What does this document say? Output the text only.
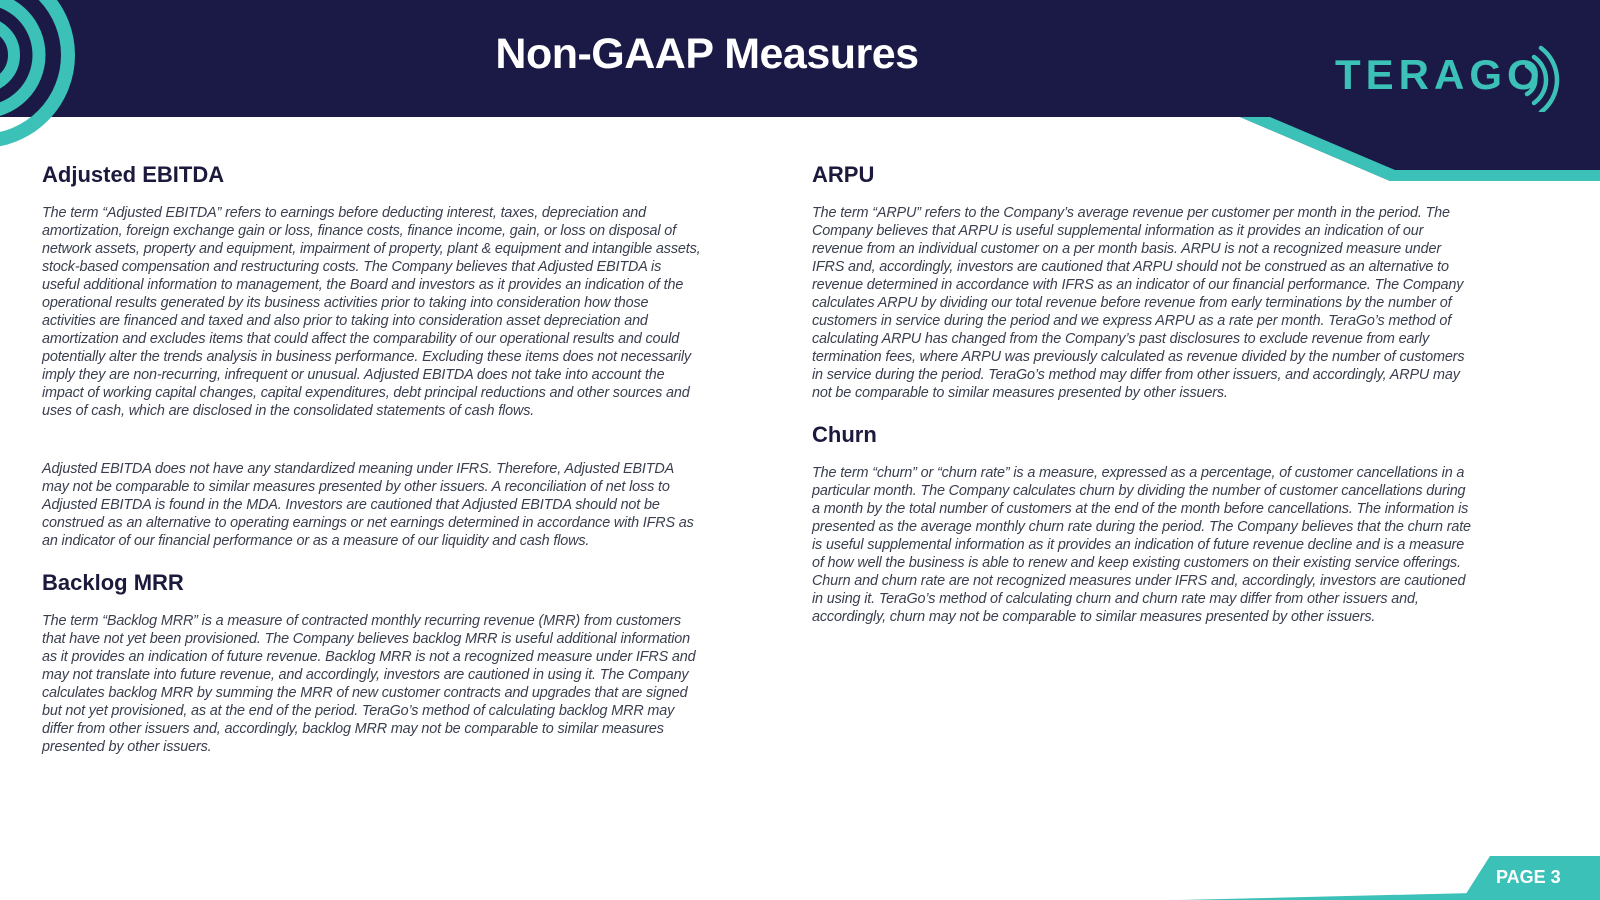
Non-GAAP Measures	TERAGO
Adjusted EBITDA

The term “Adjusted EBITDA” refers to earnings before deducting interest, taxes, depreciation and amortization, foreign exchange gain or loss, finance costs, finance income, gain, or loss on disposal of network assets, property and equipment, impairment of property, plant & equipment and intangible assets, stock-based compensation and restructuring costs. The Company believes that Adjusted EBITDA is useful additional information to management, the Board and investors as it provides an indication of the operational results generated by its business activities prior to taking into consideration how those activities are financed and taxed and also prior to taking into consideration asset depreciation and amortization and excludes items that could affect the comparability of our operational results and could potentially alter the trends analysis in business performance. Excluding these items does not necessarily imply they are non-recurring, infrequent or unusual. Adjusted EBITDA does not take into account the impact of working capital changes, capital expenditures, debt principal reductions and other sources and uses of cash, which are disclosed in the consolidated statements of cash flows.

Adjusted EBITDA does not have any standardized meaning under IFRS. Therefore, Adjusted EBITDA may not be comparable to similar measures presented by other issuers. A reconciliation of net loss to Adjusted EBITDA is found in the MDA. Investors are cautioned that Adjusted EBITDA should not be construed as an alternative to operating earnings or net earnings determined in accordance with IFRS as an indicator of our financial performance or as a measure of our liquidity and cash flows.

Backlog MRR

The term “Backlog MRR” is a measure of contracted monthly recurring revenue (MRR) from customers that have not yet been provisioned. The Company believes backlog MRR is useful additional information as it provides an indication of future revenue. Backlog MRR is not a recognized measure under IFRS and may not translate into future revenue, and accordingly, investors are cautioned in using it. The Company calculates backlog MRR by summing the MRR of new customer contracts and upgrades that are signed but not yet provisioned, as at the end of the period. TeraGo’s method of calculating backlog MRR may differ from other issuers and, accordingly, backlog MRR may not be comparable to similar measures presented by other issuers.

ARPU

The term “ARPU” refers to the Company’s average revenue per customer per month in the period. The Company believes that ARPU is useful supplemental information as it provides an indication of our revenue from an individual customer on a per month basis. ARPU is not a recognized measure under IFRS and, accordingly, investors are cautioned that ARPU should not be construed as an alternative to revenue determined in accordance with IFRS as an indicator of our financial performance. The Company calculates ARPU by dividing our total revenue before revenue from early terminations by the number of customers in service during the period and we express ARPU as a rate per month. TeraGo’s method of calculating ARPU has changed from the Company’s past disclosures to exclude revenue from early termination fees, where ARPU was previously calculated as revenue divided by the number of customers in service during the period. TeraGo’s method may differ from other issuers, and accordingly, ARPU may not be comparable to similar measures presented by other issuers.

Churn

The term “churn” or “churn rate” is a measure, expressed as a percentage, of customer cancellations in a particular month. The Company calculates churn by dividing the number of customer cancellations during a month by the total number of customers at the end of the month before cancellations. The information is presented as the average monthly churn rate during the period. The Company believes that the churn rate is useful supplemental information as it provides an indication of future revenue decline and is a measure of how well the business is able to renew and keep existing customers on their existing service offerings. Churn and churn rate are not recognized measures under IFRS and, accordingly, investors are cautioned in using it. TeraGo’s method of calculating churn and churn rate may differ from other issuers and, accordingly, churn may not be comparable to similar measures presented by other issuers.

PAGE 3
